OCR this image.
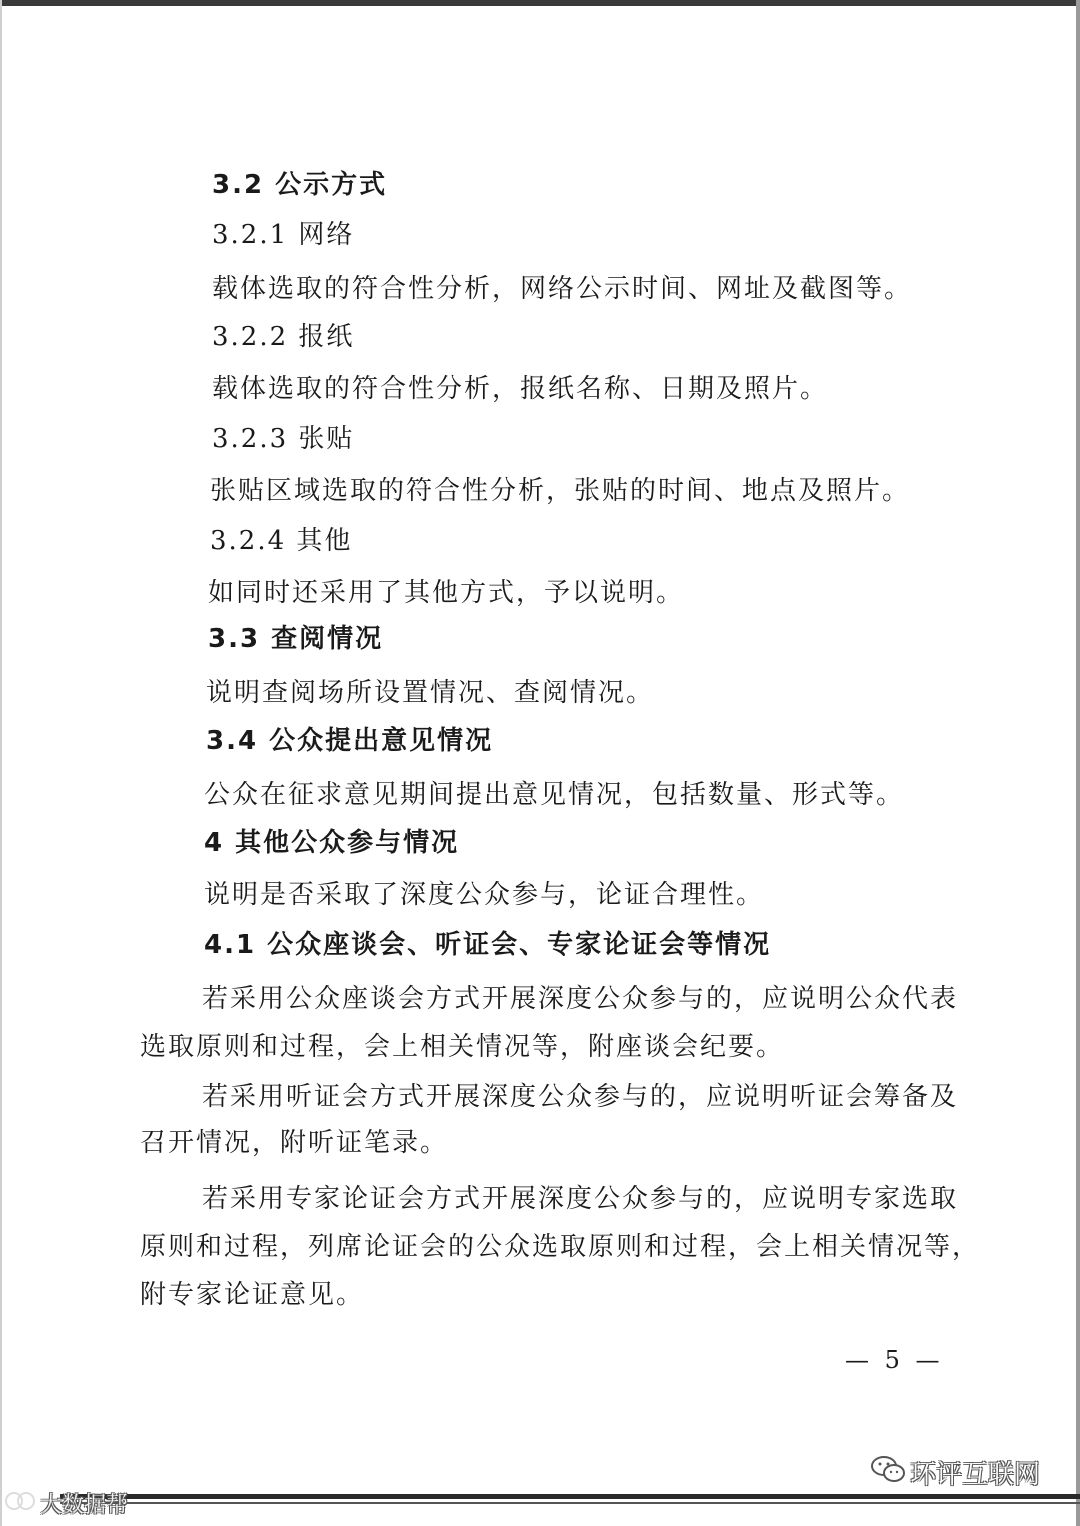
3.2 公示方式
3.2.1 网络
载体选取的符合性分析，网络公示时间、网址及截图等。
3.2.2 报纸
载体选取的符合性分析，报纸名称、日期及照片。
3.2.3 张贴
张贴区域选取的符合性分析，张贴的时间、地点及照片。
3.2.4 其他
如同时还采用了其他方式，予以说明。
3.3 查阅情况
说明查阅场所设置情况、查阅情况。
3.4 公众提出意见情况
公众在征求意见期间提出意见情况，包括数量、形式等。
4 其他公众参与情况
说明是否采取了深度公众参与，论证合理性。
4.1 公众座谈会、听证会、专家论证会等情况
若采用公众座谈会方式开展深度公众参与的，应说明公众代表
选取原则和过程，会上相关情况等，附座谈会纪要。
若采用听证会方式开展深度公众参与的，应说明听证会筹备及
召开情况，附听证笔录。
若采用专家论证会方式开展深度公众参与的，应说明专家选取
原则和过程，列席论证会的公众选取原则和过程，会上相关情况等，
附专家论证意见。
— 5 —
环评互联网
大数据帮
